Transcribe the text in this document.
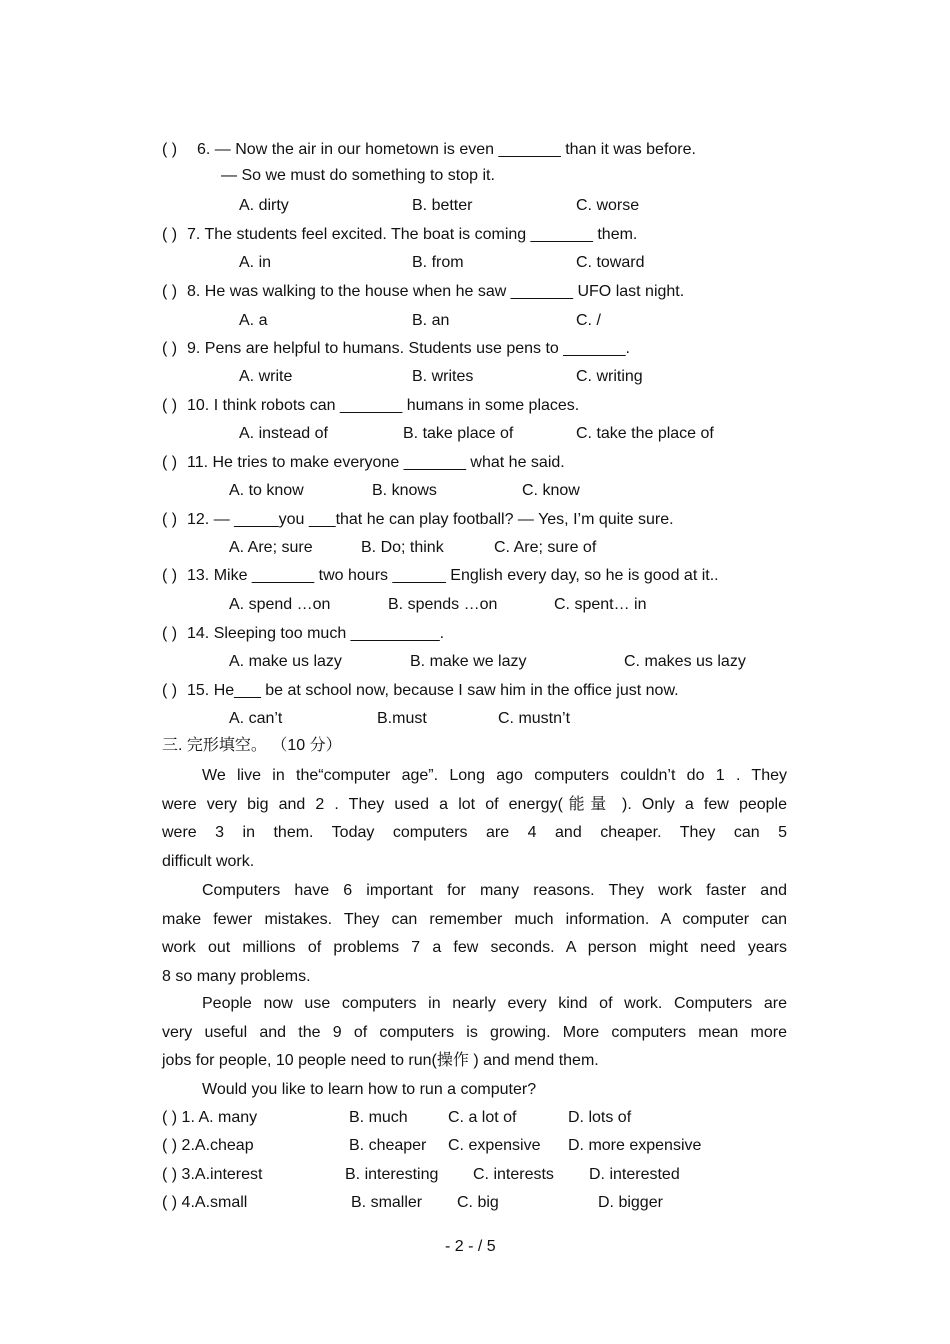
( ) 6. — Now the air in our hometown is even _______ than it was before.
— So we must do something to stop it.
A. dirty	B. better	C. worse
( ) 7. The students feel excited. The boat is coming _______ them.
A. in	B. from	C. toward
( ) 8. He was walking to the house when he saw _______ UFO last night.
A. a	B. an	C. /
( ) 9. Pens are helpful to humans. Students use pens to _______.
A. write	B. writes	C. writing
( ) 10. I think robots can _______ humans in some places.
A. instead of	B. take place of	C. take the place of
( ) 11. He tries to make everyone _______ what he said.
A. to know	B. knows	C. know
( ) 12. — _____you ___that he can play football? — Yes, I’m quite sure.
A. Are; sure	B. Do; think	C. Are; sure of
( ) 13. Mike _______ two hours ______ English every day, so he is good at it..
A. spend …on	B. spends …on	C. spent… in
( ) 14. Sleeping too much __________.
A. make us lazy	B. make we lazy	C. makes us lazy
( ) 15. He___ be at school now, because I saw him in the office just now.
A. can’t	B.must	C. mustn’t
三. 完形填空。 （10 分）
We live in the“computer age”. Long ago computers couldn’t do 1 . They
were very big and 2 . They used a lot of energy(能量 ). Only a few people
were 3 in them. Today computers are 4 and cheaper. They can 5
difficult work.
Computers have 6 important for many reasons. They work faster and
make fewer mistakes. They can remember much information. A computer can
work out millions of problems 7 a few seconds. A person might need years
8 so many problems.
People now use computers in nearly every kind of work. Computers are
very useful and the 9 of computers is growing. More computers mean more
jobs for people, 10 people need to run(操作 ) and mend them.
Would you like to learn how to run a computer?
( ) 1. A. many	B. much	C. a lot of	D. lots of
( ) 2.A.cheap	B. cheaper C. expensive D. more expensive
( ) 3.A.interest	B. interesting C. interests D. interested
( ) 4.A.small	B. smaller C. big	D. bigger
- 2 - / 5
